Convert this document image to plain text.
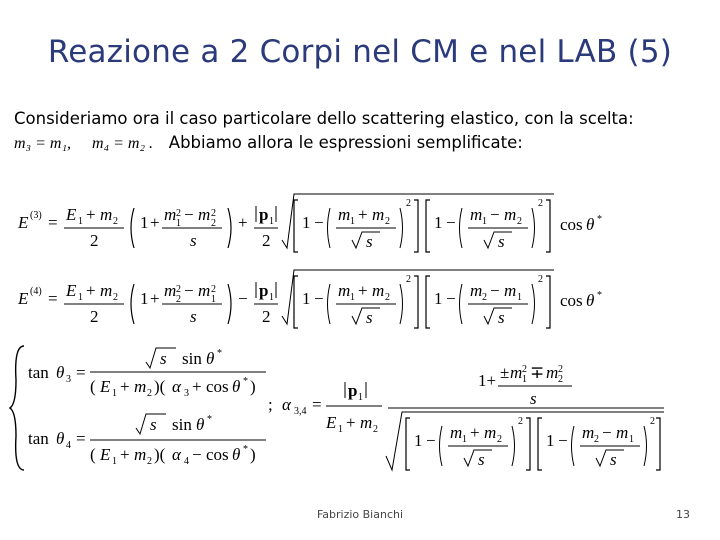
Reazione a 2 Corpi nel CM e nel LAB (5)
Consideriamo ora il caso particolare dello scattering elastico, con la scelta:
m₃ = m₁, m₄ = m₂ . Abbiamo allora le espressioni semplificate:
E (3) = E 1 + m 2
2
1 + m 2
1 − m 2
2
s
+ p 1
2
1 − m 1 + m 2
s
2
1 − m 1 − m 2
s
2
cos θ *
E (4) = E 1 + m 2
2
1 + m 2
2 − m 2
1
s
− p 1
2
1 − m 1 + m 2
s
2
1 − m 2 − m 1
s
2
cos θ *
tan θ 3 =
s sin θ *
( E 1 + m 2 )( α 3 + cos θ * )
tan θ 4 =
s sin θ *
( E 1 + m 2 )( α 4 − cos θ * )
; α 3,4 =
p 1
E 1 + m 2
1+ ± m 2
1 ∓ m 2
2
s
1 − m 1 + m 2
s
2
1 − m 2 − m 1
s
2
Fabrizio Bianchi	13
